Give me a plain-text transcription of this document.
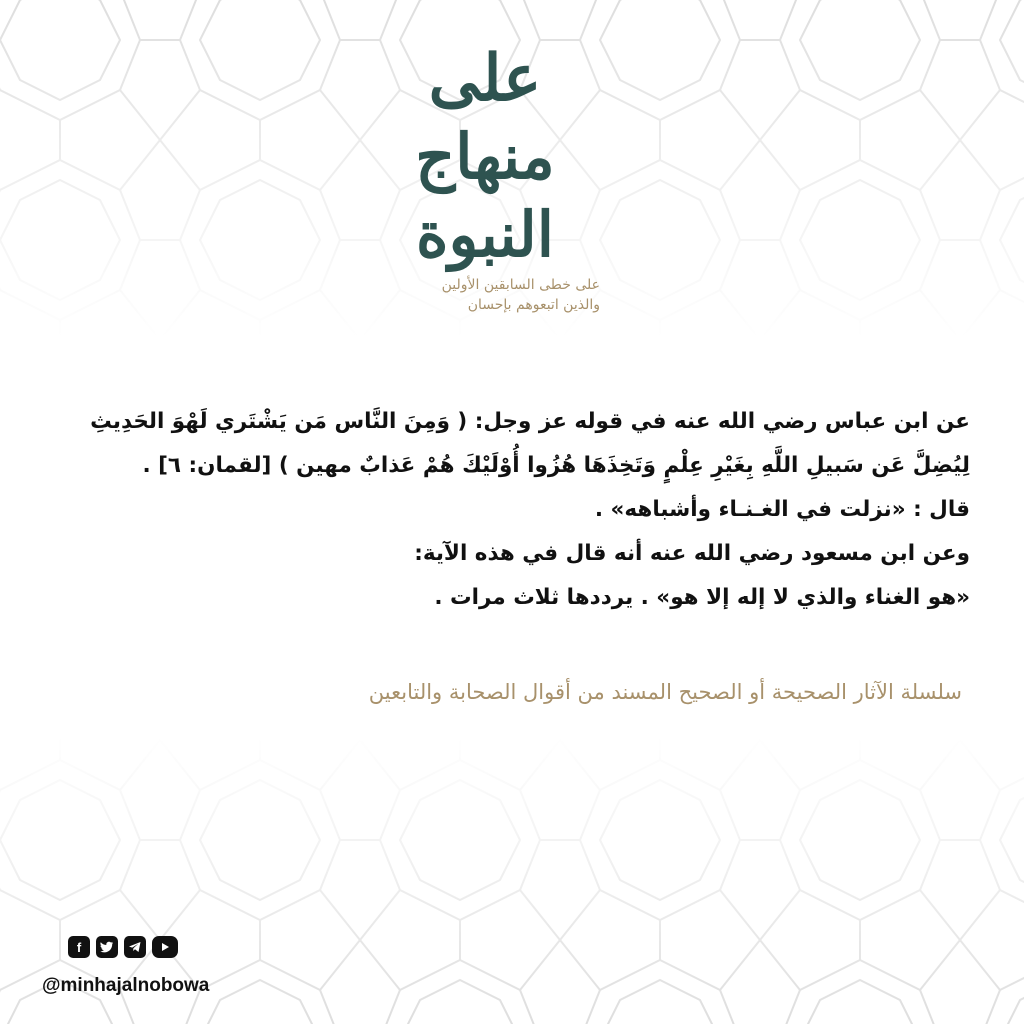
على
منهاج
النبوة
على خطى السابقين الأولين
والذين اتبعوهم بإحسان
عن ابن عباس رضي الله عنه في قوله عز وجل: ( وَمِنَ النَّاس مَن يَشْتَري لَهْوَ الحَدِيثِ
لِيُضِلَّ عَن سَبيلِ اللَّهِ بِغَيْرِ عِلْمٍ وَتَخِذَهَا هُزُوا أُوْلَيْكَ هُمْ عَذابٌ مهين ) [لقمان: ٦] .
قال : «نزلت في الغـنـاء وأشباهه» .
وعن ابن مسعود رضي الله عنه أنه قال في هذه الآية:
«هو الغناء والذي لا إله إلا هو» . يرددها ثلاث مرات .
سلسلة الآثار الصحيحة أو الصحيح المسند من أقوال الصحابة والتابعين
f
@minhajalnobowa
